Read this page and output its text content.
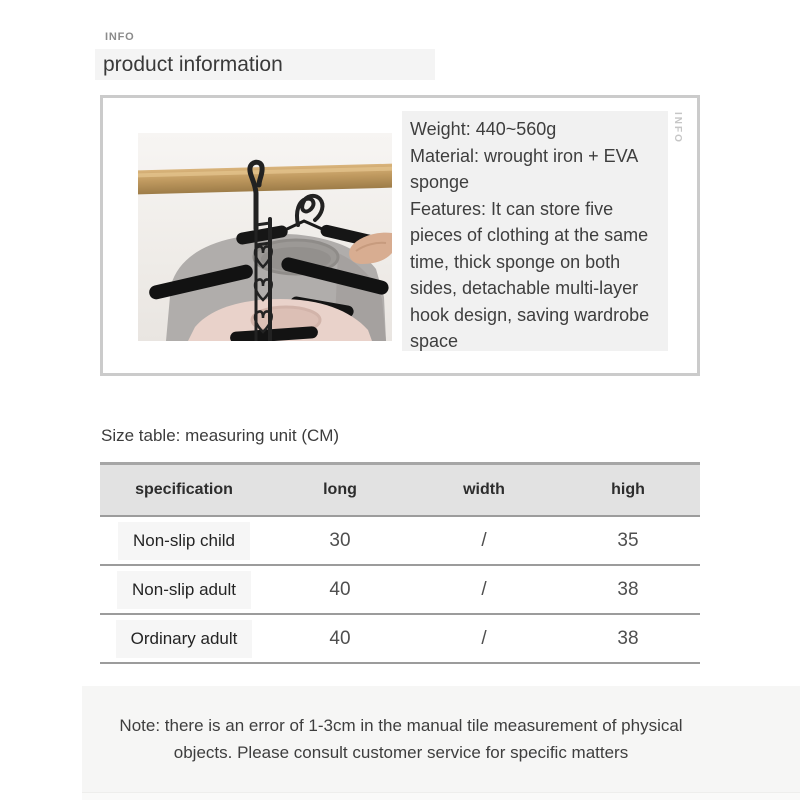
INFO
product information
Weight: 440~560g
Material: wrought iron + EVA sponge
Features: It can store five pieces of clothing at the same time, thick sponge on both sides, detachable multi-layer hook design, saving wardrobe space
INFO
Size table: measuring unit (CM)
specification	long	width	high
Non-slip child	30	/	35
Non-slip adult	40	/	38
Ordinary adult	40	/	38
Note: there is an error of 1-3cm in the manual tile measurement of physical objects. Please consult customer service for specific matters
